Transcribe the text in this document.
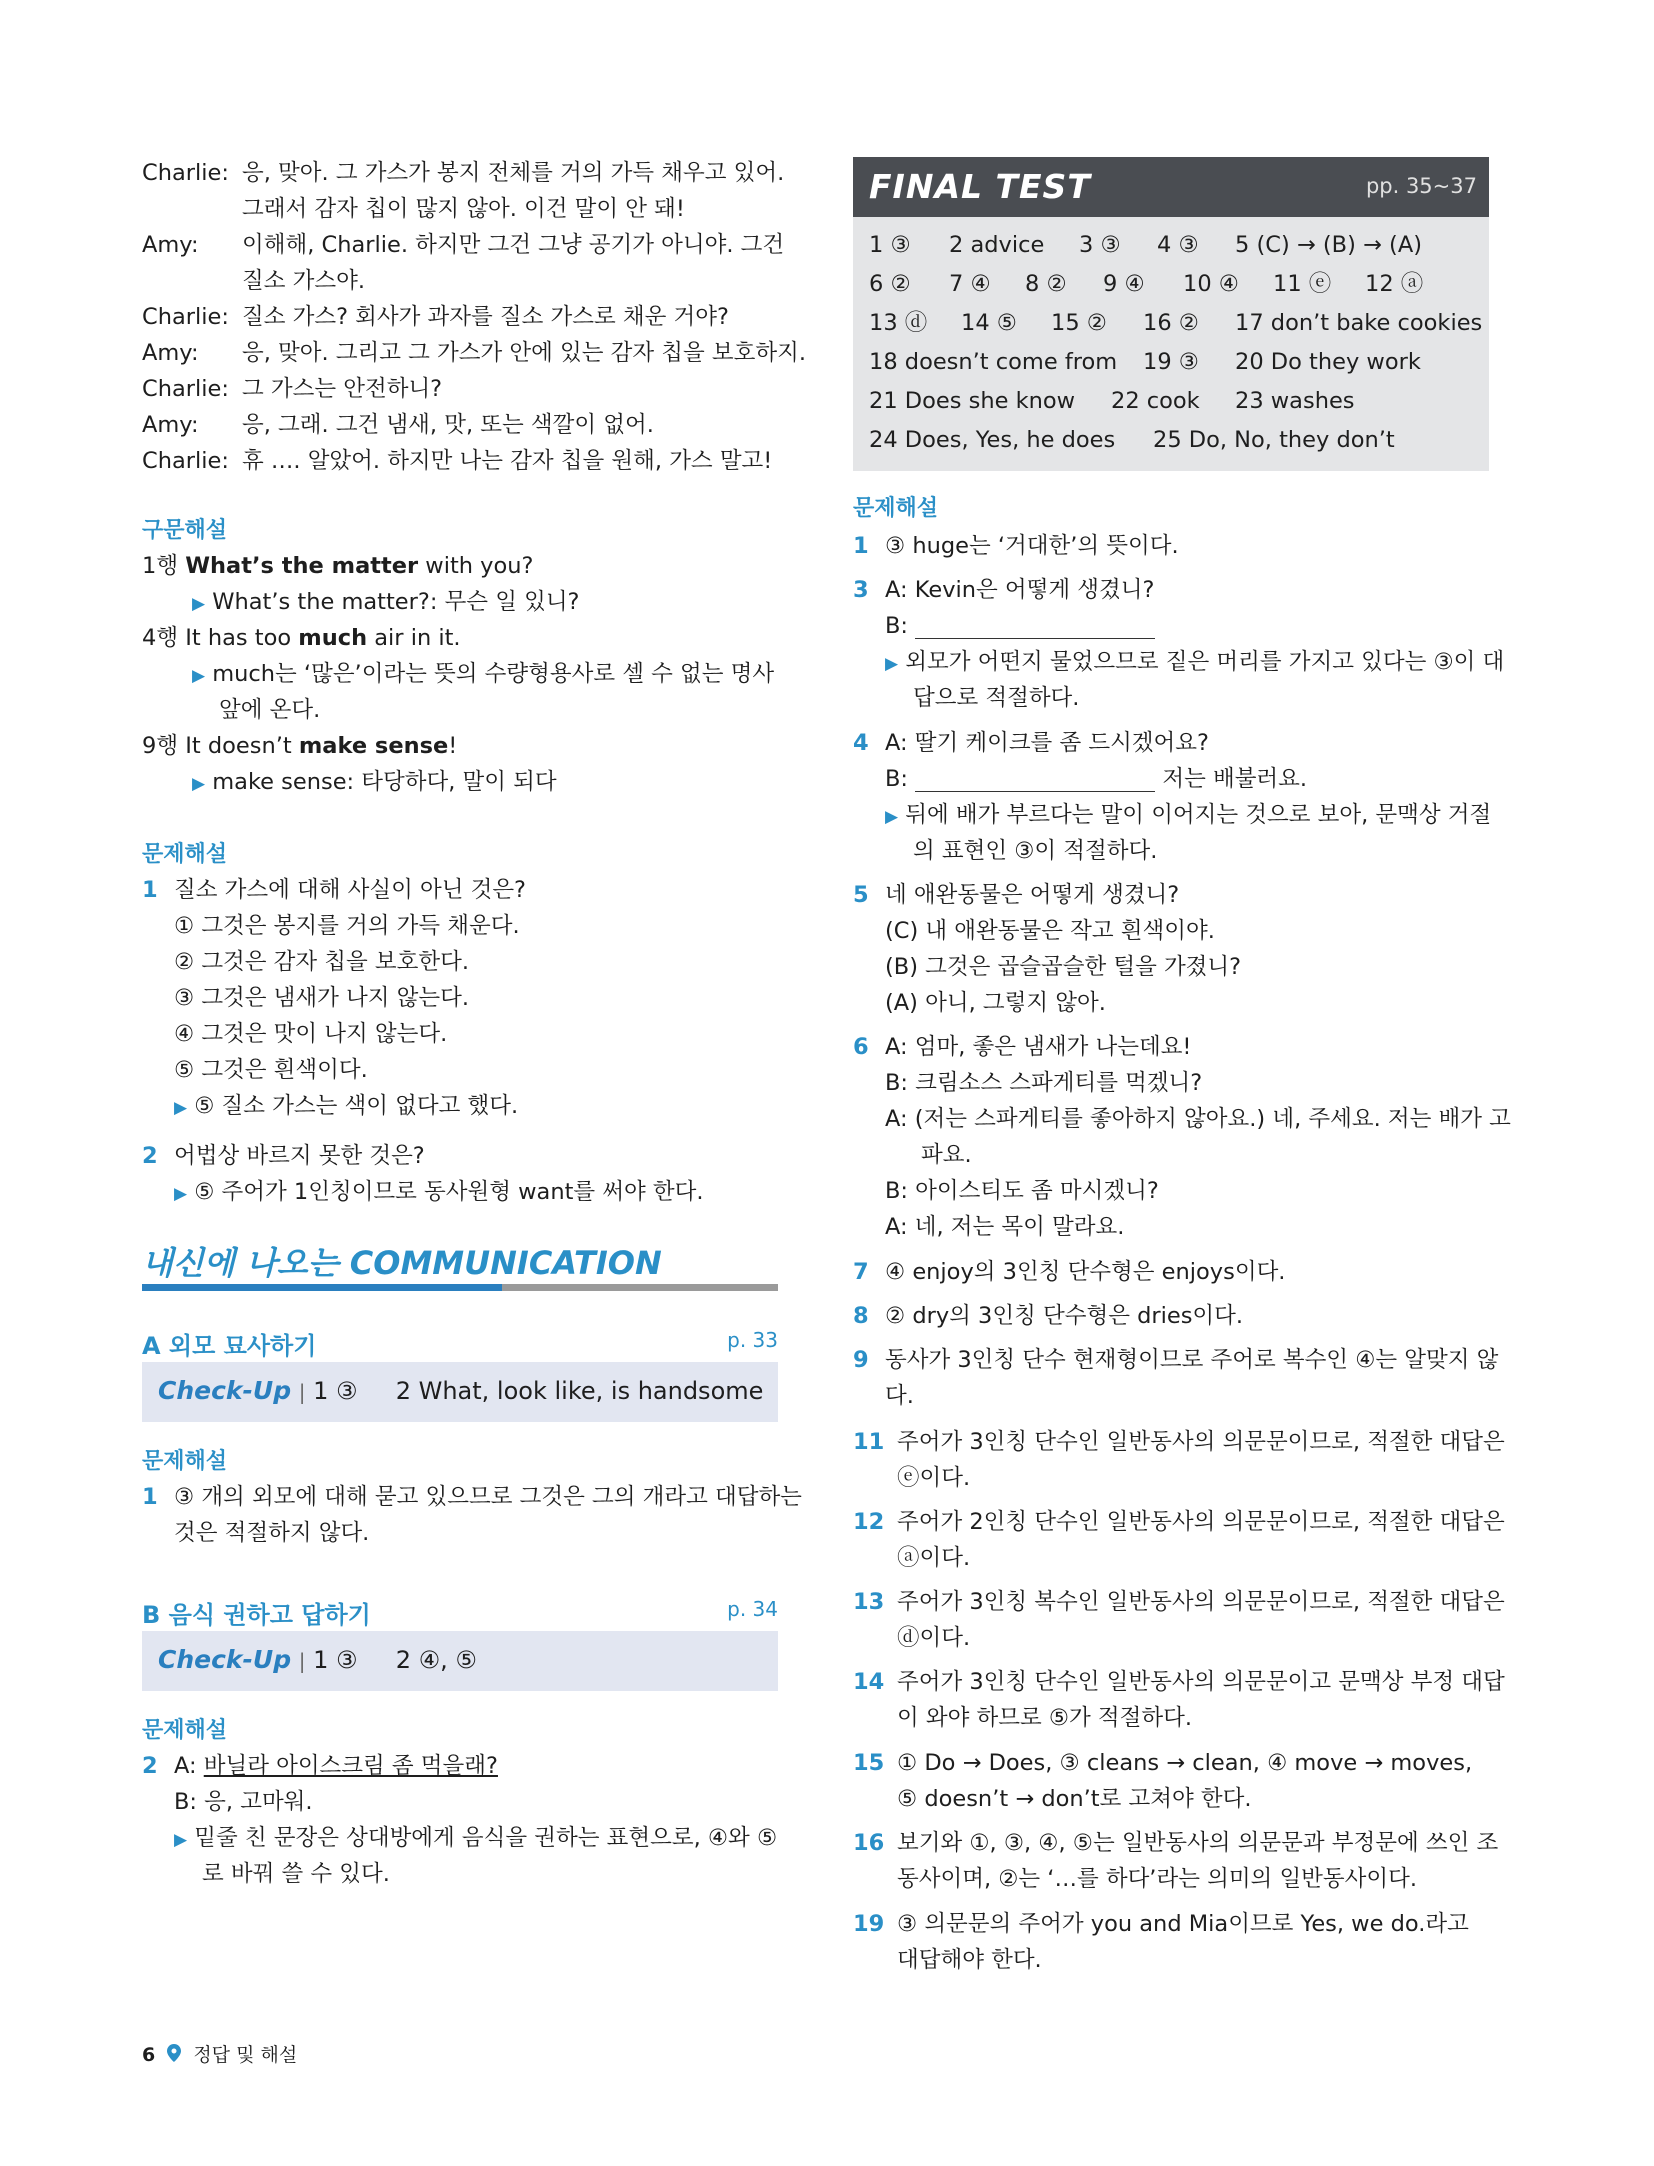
Charlie: 응, 맞아. 그 가스가 봉지 전체를 거의 가득 채우고 있어.
그래서 감자 칩이 많지 않아. 이건 말이 안 돼!
Amy: 이해해, Charlie. 하지만 그건 그냥 공기가 아니야. 그건
질소 가스야.
Charlie: 질소 가스? 회사가 과자를 질소 가스로 채운 거야?
Amy: 응, 맞아. 그리고 그 가스가 안에 있는 감자 칩을 보호하지.
Charlie: 그 가스는 안전하니?
Amy: 응, 그래. 그건 냄새, 맛, 또는 색깔이 없어.
Charlie: 휴 …. 알았어. 하지만 나는 감자 칩을 원해, 가스 말고!
구문해설
1행 What’s the matter with you?
▶ What’s the matter?: 무슨 일 있니?
4행 It has too much air in it.
▶ much는 ‘많은’이라는 뜻의 수량형용사로 셀 수 없는 명사
앞에 온다.
9행 It doesn’t make sense!
▶ make sense: 타당하다, 말이 되다
문제해설
1 질소 가스에 대해 사실이 아닌 것은?
① 그것은 봉지를 거의 가득 채운다.
② 그것은 감자 칩을 보호한다.
③ 그것은 냄새가 나지 않는다.
④ 그것은 맛이 나지 않는다.
⑤ 그것은 흰색이다.
▶ ⑤ 질소 가스는 색이 없다고 했다.
2 어법상 바르지 못한 것은?
▶ ⑤ 주어가 1인칭이므로 동사원형 want를 써야 한다.
내신에 나오는 COMMUNICATION
A 외모 묘사하기	p. 33
Check-Up | 1 ③     2 What, look like, is handsome
문제해설
1 ③ 개의 외모에 대해 묻고 있으므로 그것은 그의 개라고 대답하는
것은 적절하지 않다.
B 음식 권하고 답하기	p. 34
Check-Up | 1 ③     2 ④, ⑤
문제해설
2 A: 바닐라 아이스크림 좀 먹을래?
B: 응, 고마워.
▶ 밑줄 친 문장은 상대방에게 음식을 권하는 표현으로, ④와 ⑤
로 바꿔 쓸 수 있다.
6 정답 및 해설
FINAL TEST	pp. 35~37
1 ③ 2 advice 3 ③ 4 ③ 5 (C) → (B) → (A)
6 ② 7 ④ 8 ② 9 ④ 10 ④ 11 ⓔ 12 ⓐ
13 ⓓ 14 ⑤ 15 ② 16 ② 17 don’t bake cookies
18 doesn’t come from 19 ③ 20 Do they work
21 Does she know 22 cook 23 washes
24 Does, Yes, he does 25 Do, No, they don’t
문제해설
1 ③ huge는 ‘거대한’의 뜻이다.
3 A: Kevin은 어떻게 생겼니?
B:
▶ 외모가 어떤지 물었으므로 짙은 머리를 가지고 있다는 ③이 대
답으로 적절하다.
4 A: 딸기 케이크를 좀 드시겠어요?
B:	저는 배불러요.
▶ 뒤에 배가 부르다는 말이 이어지는 것으로 보아, 문맥상 거절
의 표현인 ③이 적절하다.
5 네 애완동물은 어떻게 생겼니?
(C) 내 애완동물은 작고 흰색이야.
(B) 그것은 곱슬곱슬한 털을 가졌니?
(A) 아니, 그렇지 않아.
6 A: 엄마, 좋은 냄새가 나는데요!
B: 크림소스 스파게티를 먹겠니?
A: (저는 스파게티를 좋아하지 않아요.) 네, 주세요. 저는 배가 고
파요.
B: 아이스티도 좀 마시겠니?
A: 네, 저는 목이 말라요.
7 ④ enjoy의 3인칭 단수형은 enjoys이다.
8 ② dry의 3인칭 단수형은 dries이다.
9 동사가 3인칭 단수 현재형이므로 주어로 복수인 ④는 알맞지 않
다.
11 주어가 3인칭 단수인 일반동사의 의문문이므로, 적절한 대답은
ⓔ이다.
12 주어가 2인칭 단수인 일반동사의 의문문이므로, 적절한 대답은
ⓐ이다.
13 주어가 3인칭 복수인 일반동사의 의문문이므로, 적절한 대답은
ⓓ이다.
14 주어가 3인칭 단수인 일반동사의 의문문이고 문맥상 부정 대답
이 와야 하므로 ⑤가 적절하다.
15 ① Do → Does, ③ cleans → clean, ④ move → moves,
⑤ doesn’t → don’t로 고쳐야 한다.
16 보기와 ①, ③, ④, ⑤는 일반동사의 의문문과 부정문에 쓰인 조
동사이며, ②는 ‘…를 하다’라는 의미의 일반동사이다.
19 ③ 의문문의 주어가 you and Mia이므로 Yes, we do.라고
대답해야 한다.
